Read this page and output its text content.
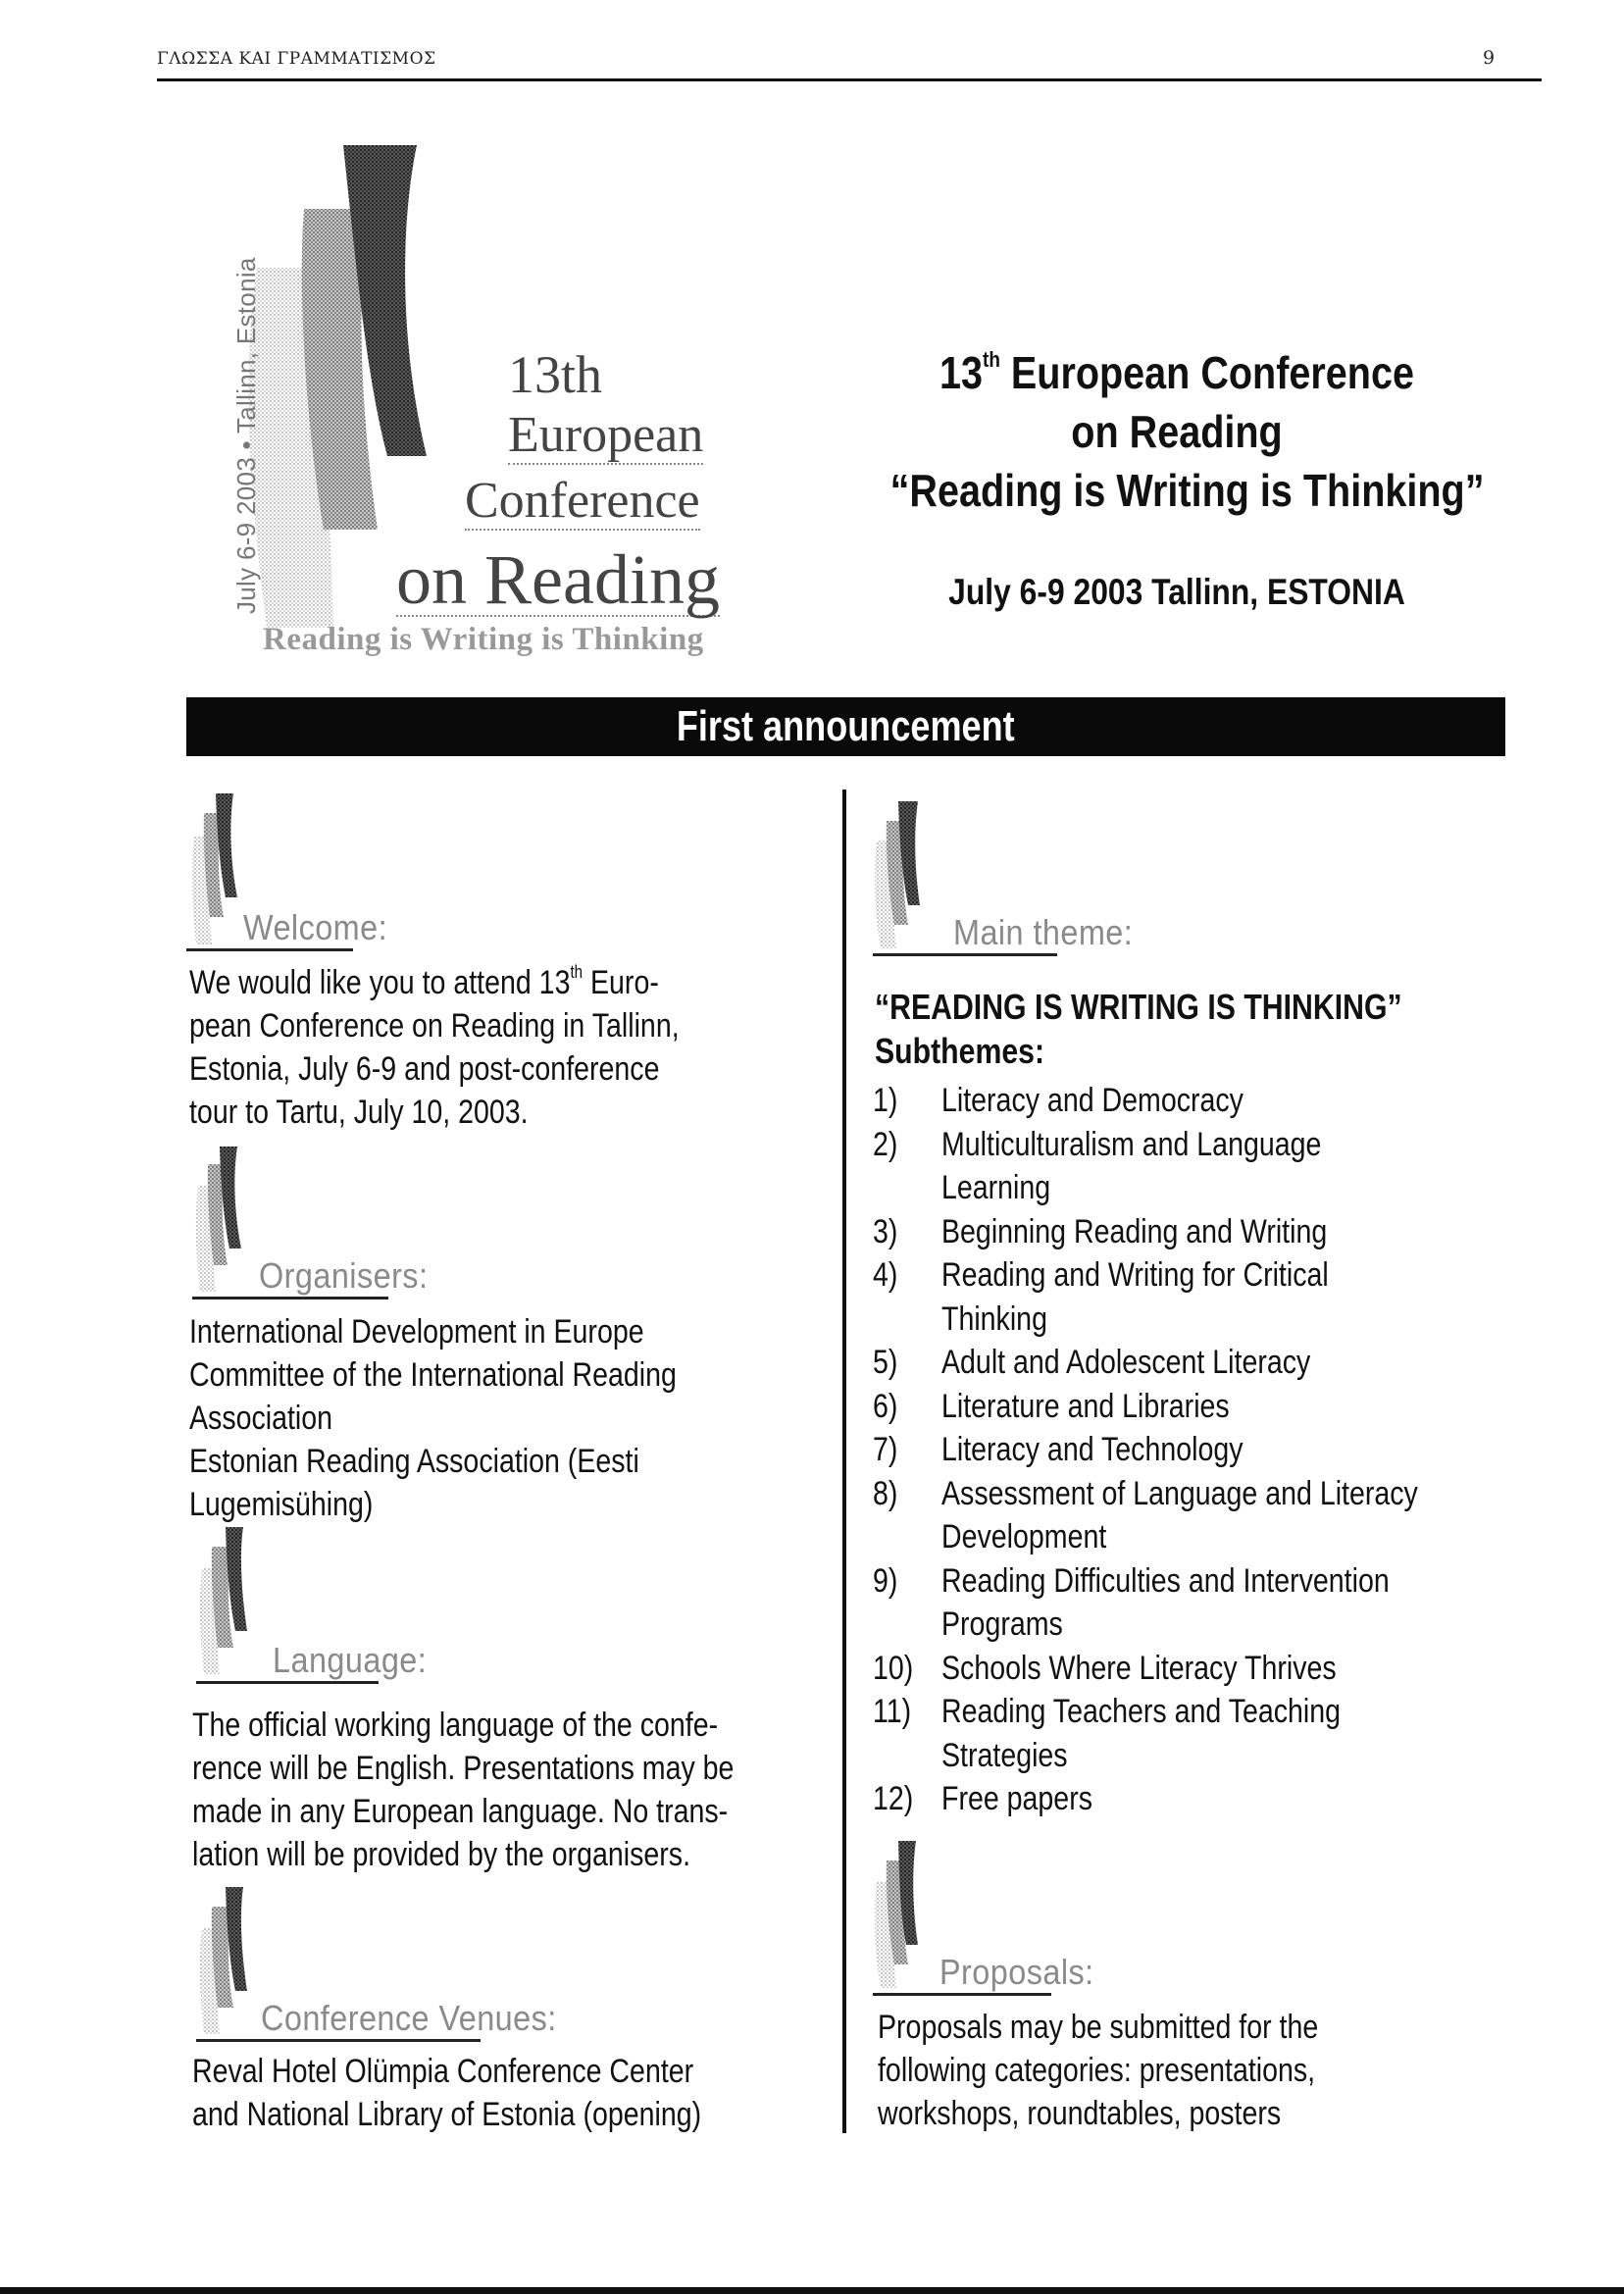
ΓΛΩΣΣΑ ΚΑΙ ΓΡΑΜΜΑΤΙΣΜΟΣ	9
July 6-9 2003 • Tallinn, Estonia	13th
European
Conference
on Reading
Reading is Writing is Thinking
13th European Conference
on Reading
“Reading is Writing is Thinking”
July 6-9 2003 Tallinn, ESTONIA
First announcement
Welcome:
We would like you to attend 13th Euro-
pean Conference on Reading in Tallinn,
Estonia, July 6-9 and post-conference
tour to Tartu, July 10, 2003.
Organisers:
International Development in Europe
Committee of the International Reading
Association
Estonian Reading Association (Eesti
Lugemisühing)
Language:
The official working language of the confe-
rence will be English. Presentations may be
made in any European language. No trans-
lation will be provided by the organisers.
Conference Venues:
Reval Hotel Olümpia Conference Center
and National Library of Estonia (opening)
Main theme:
“READING IS WRITING IS THINKING”
Subthemes:
1) Literacy and Democracy
2) Multiculturalism and Language
Learning
3) Beginning Reading and Writing
4) Reading and Writing for Critical
Thinking
5) Adult and Adolescent Literacy
6) Literature and Libraries
7) Literacy and Technology
8) Assessment of Language and Literacy
Development
9) Reading Difficulties and Intervention
Programs
10) Schools Where Literacy Thrives
11) Reading Teachers and Teaching
Strategies
12) Free papers
Proposals:
Proposals may be submitted for the
following categories: presentations,
workshops, roundtables, posters
